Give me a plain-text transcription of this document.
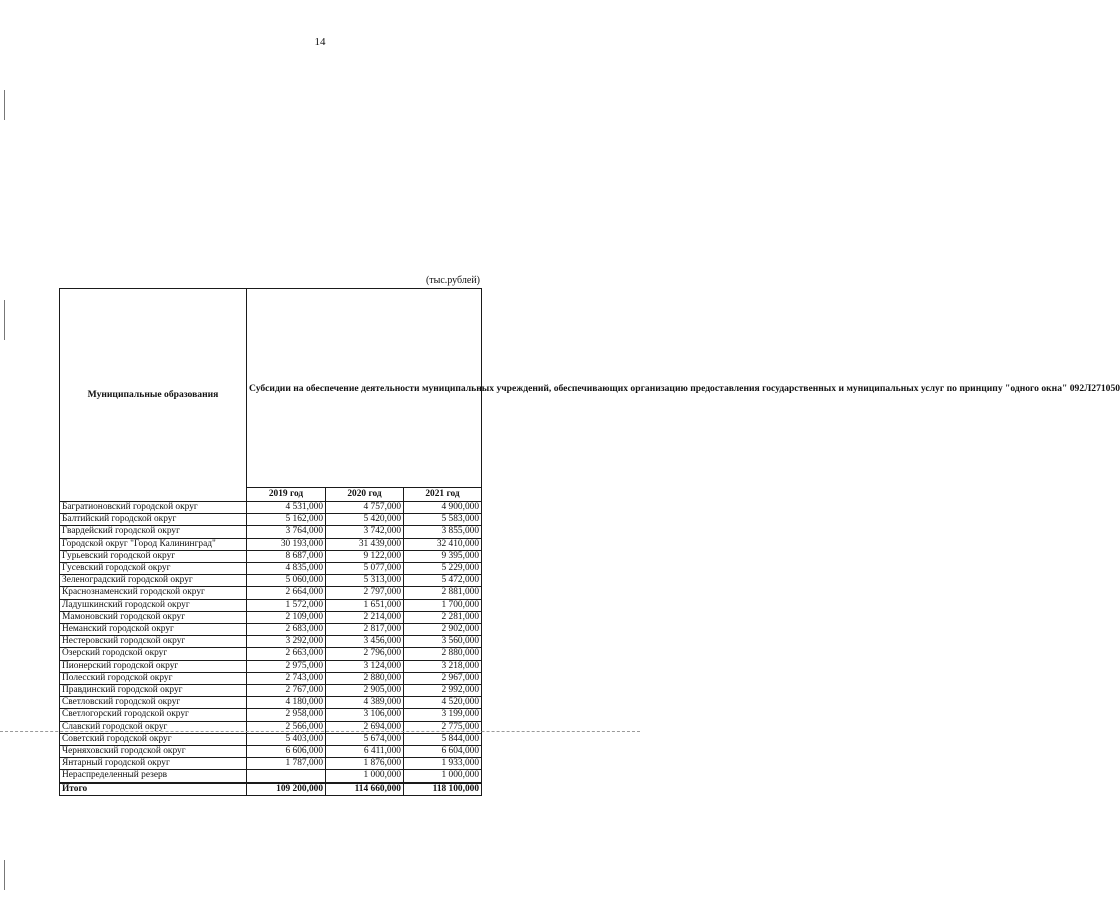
14
(тыс.рублей)
Муниципальные образования	Субсидии на обеспечение деятельности муниципальных учреждений, обеспечивающих организацию предоставления государственных и муниципальных услуг по принципу "одного окна" 092Л271050		
	2019 год	2020 год	2021 год
Багратионовский городской округ	4 531,000	4 757,000	4 900,000
Балтийский городской округ	5 162,000	5 420,000	5 583,000
Гвардейский городской округ	3 764,000	3 742,000	3 855,000
Городской округ "Город Калининград"	30 193,000	31 439,000	32 410,000
Гурьевский городской округ	8 687,000	9 122,000	9 395,000
Гусевский городской округ	4 835,000	5 077,000	5 229,000
Зеленоградский городской округ	5 060,000	5 313,000	5 472,000
Краснознаменский городской округ	2 664,000	2 797,000	2 881,000
Ладушкинский городской округ	1 572,000	1 651,000	1 700,000
Мамоновский городской округ	2 109,000	2 214,000	2 281,000
Неманский городской округ	2 683,000	2 817,000	2 902,000
Нестеровский городской округ	3 292,000	3 456,000	3 560,000
Озерский городской округ	2 663,000	2 796,000	2 880,000
Пионерский городской округ	2 975,000	3 124,000	3 218,000
Полесский городской округ	2 743,000	2 880,000	2 967,000
Правдинский городской округ	2 767,000	2 905,000	2 992,000
Светловский городской округ	4 180,000	4 389,000	4 520,000
Светлогорский городской округ	2 958,000	3 106,000	3 199,000
Славский городской округ	2 566,000	2 694,000	2 775,000
Советский городской округ	5 403,000	5 674,000	5 844,000
Черняховский городской округ	6 606,000	6 411,000	6 604,000
Янтарный городской округ	1 787,000	1 876,000	1 933,000
Нераспределенный резерв		1 000,000	1 000,000
Итого	109 200,000	114 660,000	118 100,000
